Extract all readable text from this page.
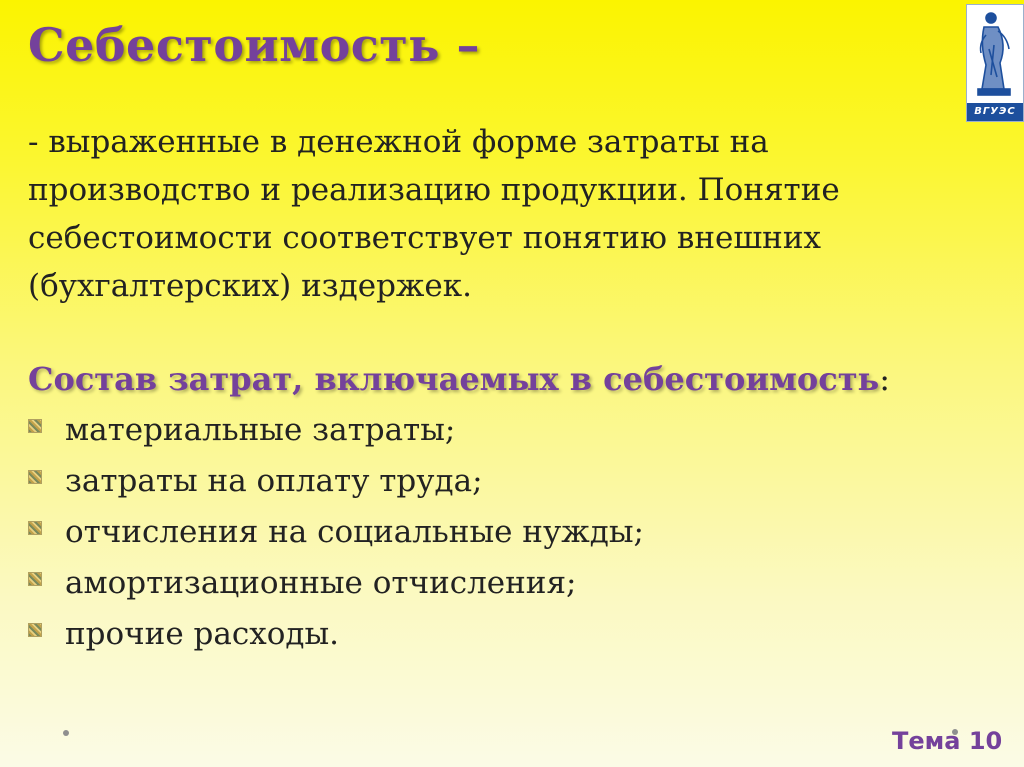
Себестоимость –
ВГУЭС
- выраженные в денежной форме затраты на производство и реализацию продукции. Понятие себестоимости соответствует понятию внешних (бухгалтерских) издержек.
Состав затрат, включаемых в себестоимость:
материальные затраты;
затраты на оплату труда;
отчисления на социальные нужды;
амортизационные отчисления;
прочие расходы.
Тема 10
